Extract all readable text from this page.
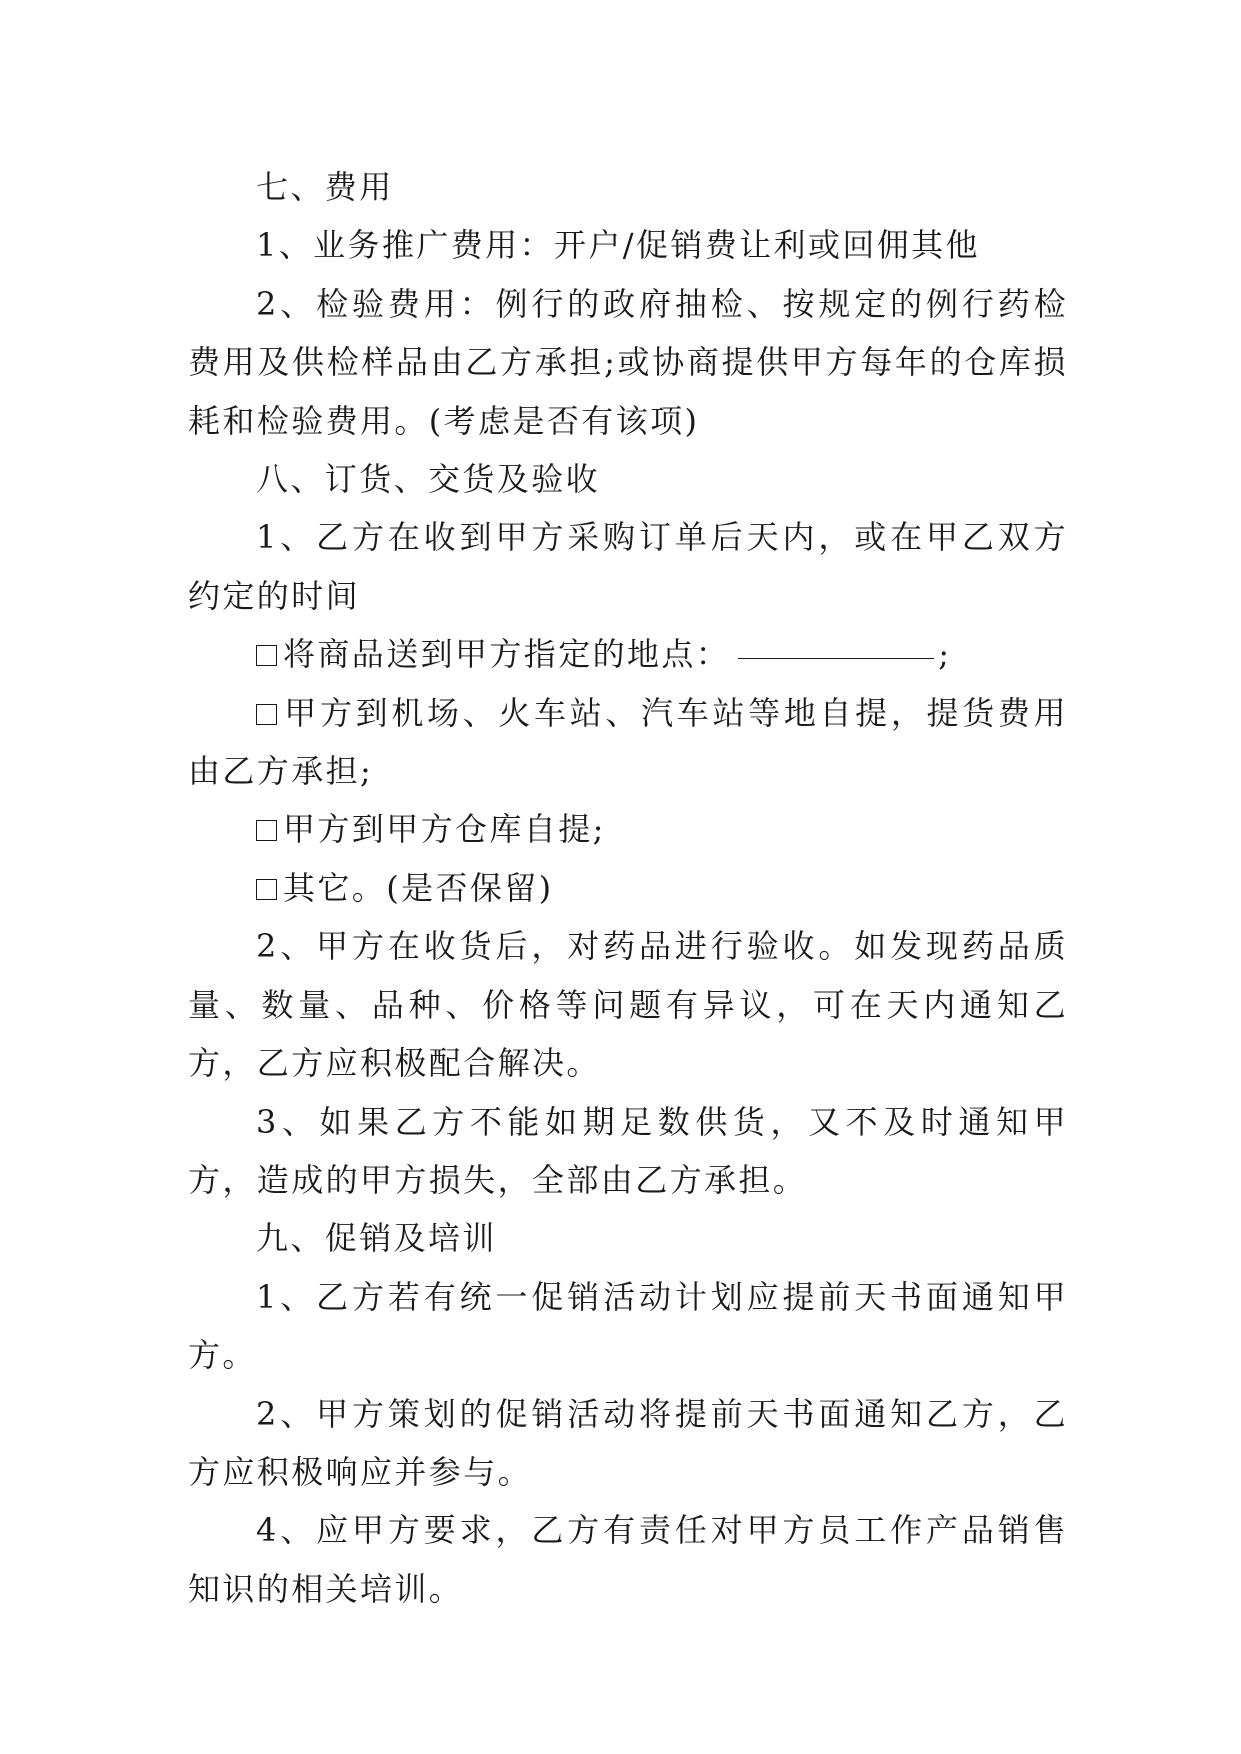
七、费用

1、业务推广费用：开户/促销费让利或回佣其他

2、检验费用：例行的政府抽检、按规定的例行药检费用及供检样品由乙方承担;或协商提供甲方每年的仓库损耗和检验费用。(考虑是否有该项)

八、订货、交货及验收

1、乙方在收到甲方采购订单后天内，或在甲乙双方约定的时间

将商品送到甲方指定的地点：	;

甲方到机场、火车站、汽车站等地自提，提货费用由乙方承担;

甲方到甲方仓库自提;

其它。(是否保留)

2、甲方在收货后，对药品进行验收。如发现药品质量、数量、品种、价格等问题有异议，可在天内通知乙方，乙方应积极配合解决。

3、如果乙方不能如期足数供货，又不及时通知甲方，造成的甲方损失，全部由乙方承担。

九、促销及培训

1、乙方若有统一促销活动计划应提前天书面通知甲方。

2、甲方策划的促销活动将提前天书面通知乙方，乙方应积极响应并参与。

4、应甲方要求，乙方有责任对甲方员工作产品销售知识的相关培训。
